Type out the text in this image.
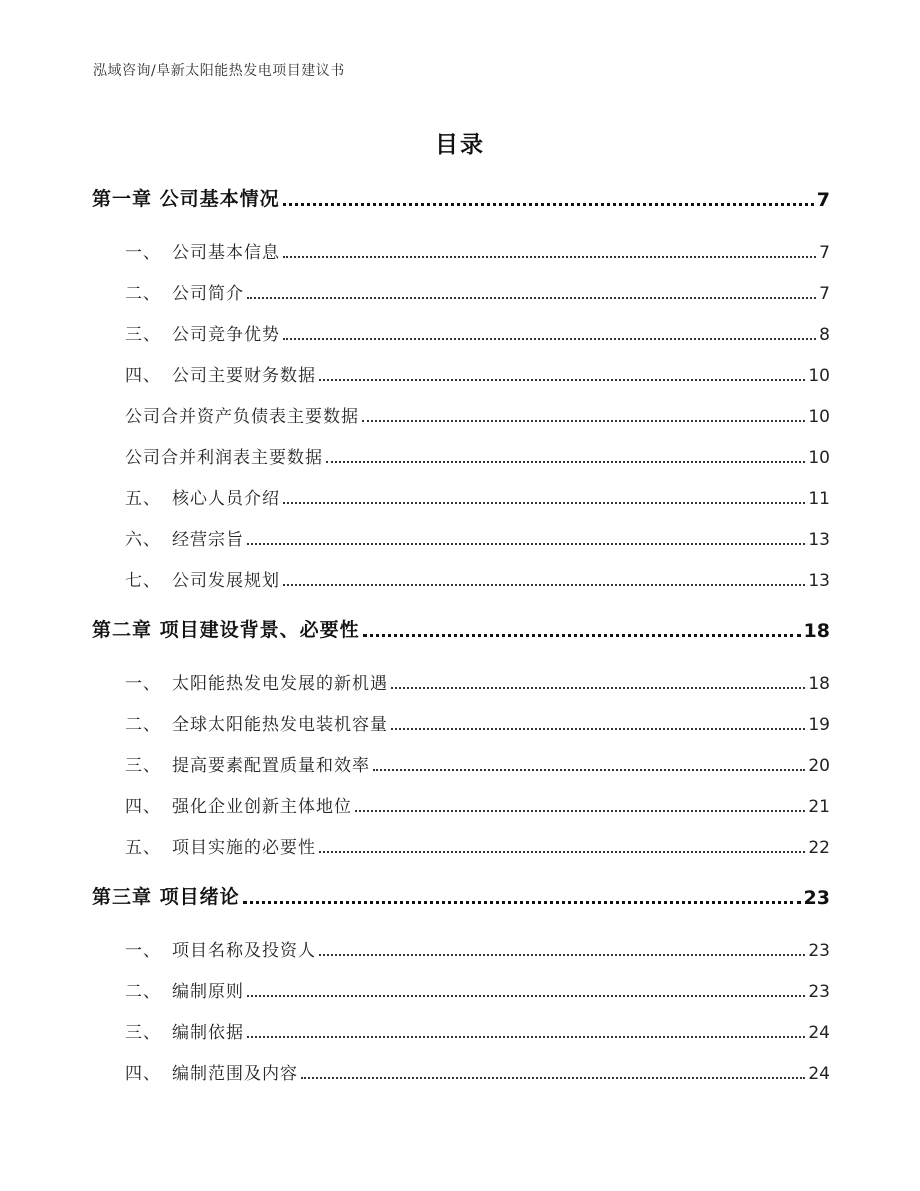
泓域咨询/阜新太阳能热发电项目建议书
目录
第一章 公司基本情况	7
一、 公司基本信息	7
二、 公司简介	7
三、 公司竞争优势	8
四、 公司主要财务数据	10
公司合并资产负债表主要数据	10
公司合并利润表主要数据	10
五、 核心人员介绍	11
六、 经营宗旨	13
七、 公司发展规划	13
第二章 项目建设背景、必要性	18
一、 太阳能热发电发展的新机遇	18
二、 全球太阳能热发电装机容量	19
三、 提高要素配置质量和效率	20
四、 强化企业创新主体地位	21
五、 项目实施的必要性	22
第三章 项目绪论	23
一、 项目名称及投资人	23
二、 编制原则	23
三、 编制依据	24
四、 编制范围及内容	24
